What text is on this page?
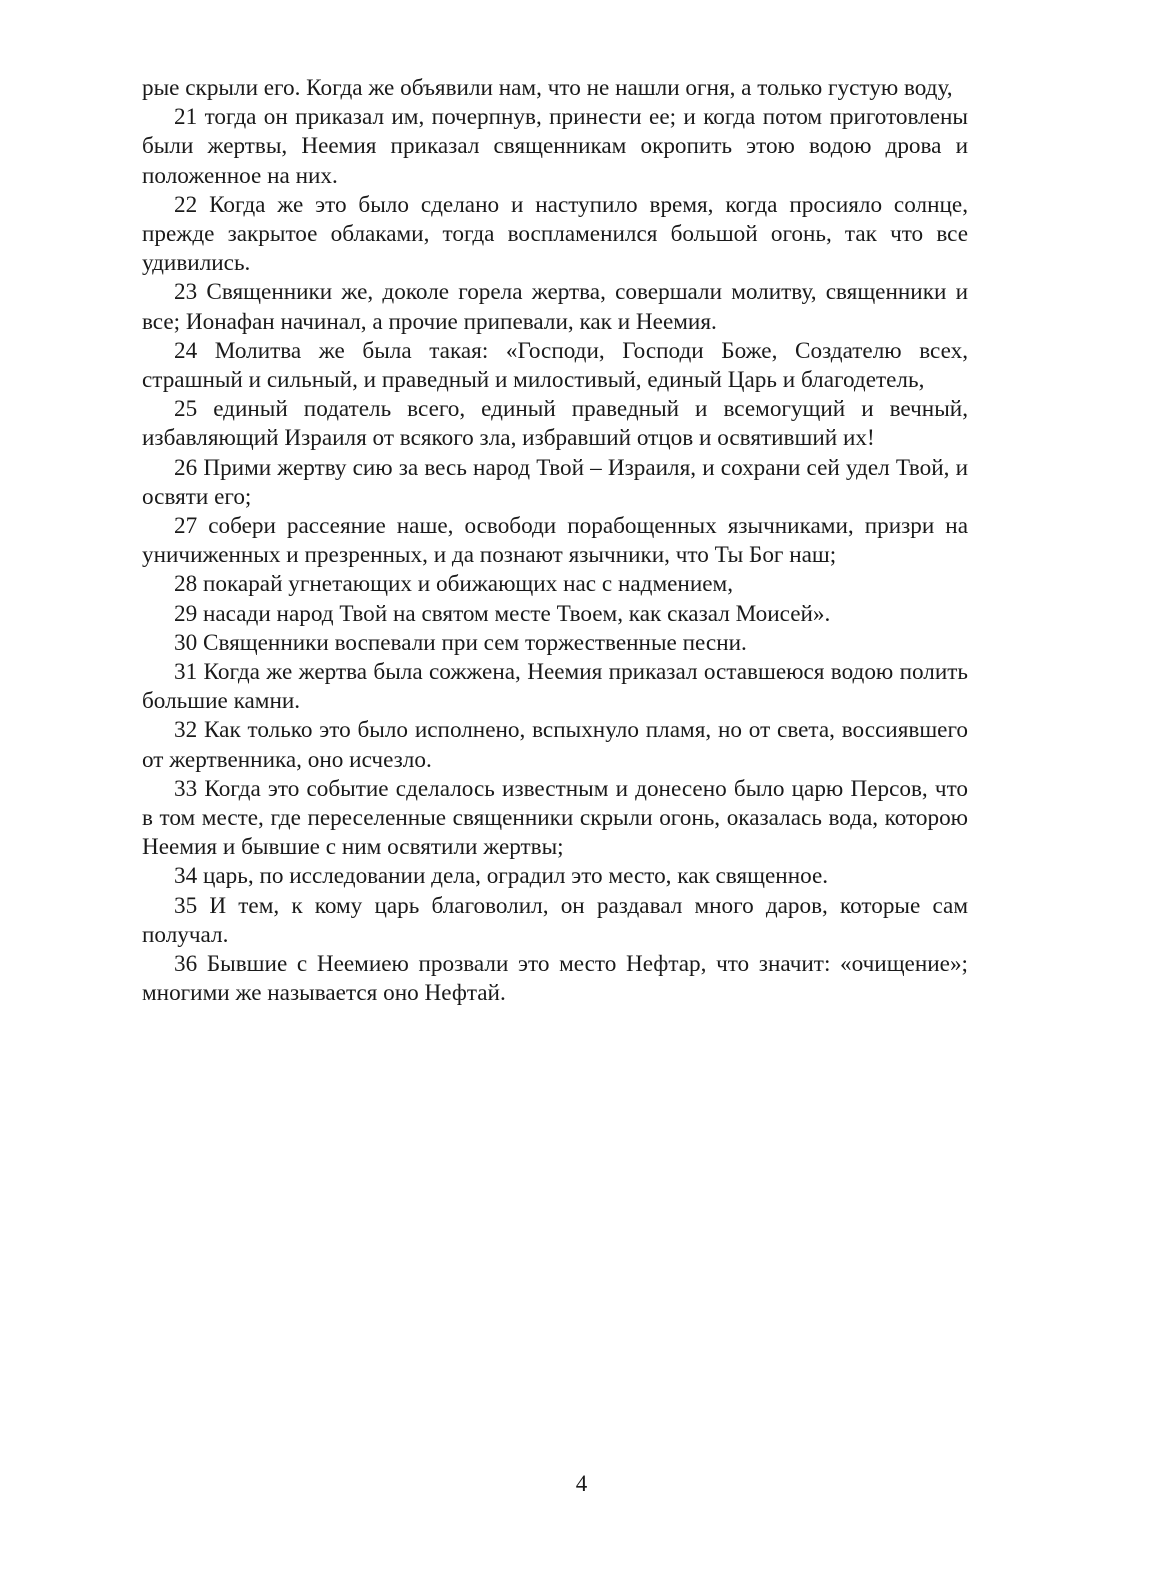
рые скрыли его. Когда же объявили нам, что не нашли огня, а только густую воду,

21 тогда он приказал им, почерпнув, принести ее; и когда потом приготовлены были жертвы, Неемия приказал священникам окропить этою водою дрова и положенное на них.

22 Когда же это было сделано и наступило время, когда просияло солнце, прежде закрытое облаками, тогда воспламенился большой огонь, так что все удивились.

23 Священники же, доколе горела жертва, совершали молитву, священники и все; Ионафан начинал, а прочие припевали, как и Неемия.

24 Молитва же была такая: «Господи, Господи Боже, Создателю всех, страшный и сильный, и праведный и милостивый, единый Царь и благодетель,

25 единый податель всего, единый праведный и всемогущий и вечный, избавляющий Израиля от всякого зла, избравший отцов и освятивший их!

26 Прими жертву сию за весь народ Твой – Израиля, и сохрани сей удел Твой, и освяти его;

27 собери рассеяние наше, освободи порабощенных язычниками, призри на уничиженных и презренных, и да познают язычники, что Ты Бог наш;

28 покарай угнетающих и обижающих нас с надмением,

29 насади народ Твой на святом месте Твоем, как сказал Моисей».

30 Священники воспевали при сем торжественные песни.

31 Когда же жертва была сожжена, Неемия приказал оставшеюся водою полить большие камни.

32 Как только это было исполнено, вспыхнуло пламя, но от света, воссиявшего от жертвенника, оно исчезло.

33 Когда это событие сделалось известным и донесено было царю Персов, что в том месте, где переселенные священники скрыли огонь, оказалась вода, которою Неемия и бывшие с ним освятили жертвы;

34 царь, по исследовании дела, оградил это место, как священное.

35 И тем, к кому царь благоволил, он раздавал много даров, которые сам получал.

36 Бывшие с Неемиею прозвали это место Нефтар, что значит: «очищение»; многими же называется оно Нефтай.

4
